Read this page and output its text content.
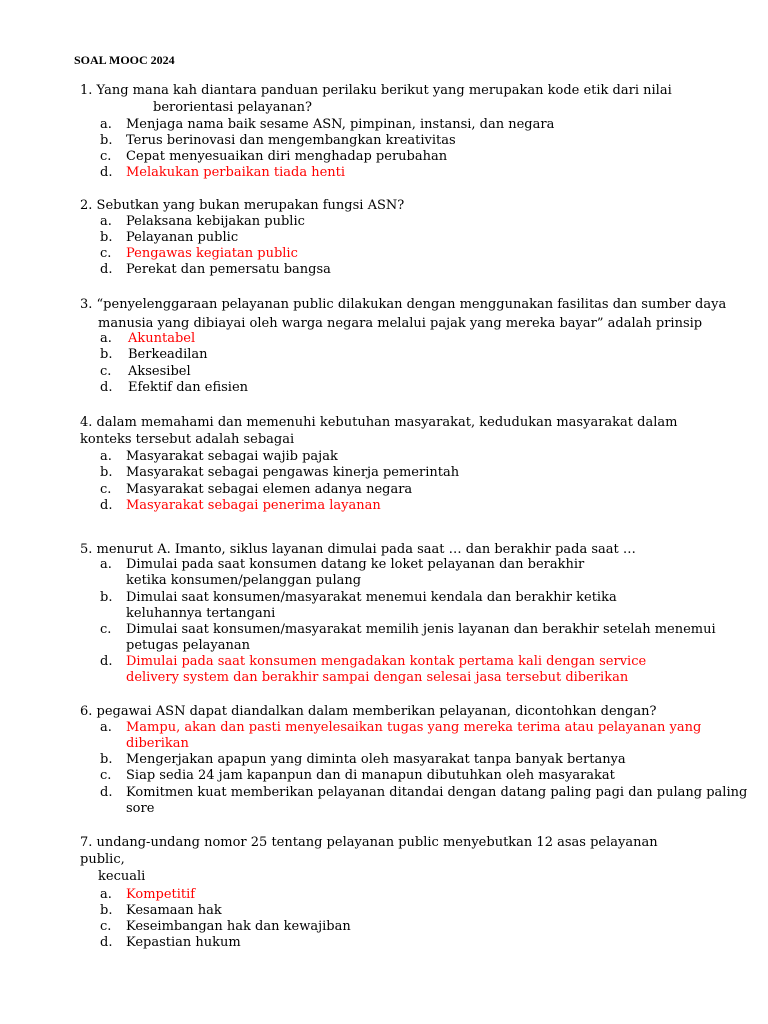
SOAL MOOC 2024
1. Yang mana kah diantara panduan perilaku berikut yang merupakan kode etik dari nilai
berorientasi pelayanan?
a. Menjaga nama baik sesame ASN, pimpinan, instansi, dan negara
b. Terus berinovasi dan mengembangkan kreativitas
c. Cepat menyesuaikan diri menghadap perubahan
d. Melakukan perbaikan tiada henti
2. Sebutkan yang bukan merupakan fungsi ASN?
a. Pelaksana kebijakan public
b. Pelayanan public
c. Pengawas kegiatan public
d. Perekat dan pemersatu bangsa
3. “penyelenggaraan pelayanan public dilakukan dengan menggunakan fasilitas dan sumber daya
manusia yang dibiayai oleh warga negara melalui pajak yang mereka bayar” adalah prinsip
a. Akuntabel
b. Berkeadilan
c. Aksesibel
d. Efektif dan efisien
4. dalam memahami dan memenuhi kebutuhan masyarakat, kedudukan masyarakat dalam
konteks tersebut adalah sebagai
a. Masyarakat sebagai wajib pajak
b. Masyarakat sebagai pengawas kinerja pemerintah
c. Masyarakat sebagai elemen adanya negara
d. Masyarakat sebagai penerima layanan
5. menurut A. Imanto, siklus layanan dimulai pada saat … dan berakhir pada saat …
a. Dimulai pada saat konsumen datang ke loket pelayanan dan berakhir
ketika konsumen/pelanggan pulang
b. Dimulai saat konsumen/masyarakat menemui kendala dan berakhir ketika
keluhannya tertangani
c. Dimulai saat konsumen/masyarakat memilih jenis layanan dan berakhir setelah menemui
petugas pelayanan
d. Dimulai pada saat konsumen mengadakan kontak pertama kali dengan service
delivery system dan berakhir sampai dengan selesai jasa tersebut diberikan
6. pegawai ASN dapat diandalkan dalam memberikan pelayanan, dicontohkan dengan?
a. Mampu, akan dan pasti menyelesaikan tugas yang mereka terima atau pelayanan yang
diberikan
b. Mengerjakan apapun yang diminta oleh masyarakat tanpa banyak bertanya
c. Siap sedia 24 jam kapanpun dan di manapun dibutuhkan oleh masyarakat
d. Komitmen kuat memberikan pelayanan ditandai dengan datang paling pagi dan pulang paling
sore
7. undang-undang nomor 25 tentang pelayanan public menyebutkan 12 asas pelayanan
public,
kecuali
a. Kompetitif
b. Kesamaan hak
c. Keseimbangan hak dan kewajiban
d. Kepastian hukum
